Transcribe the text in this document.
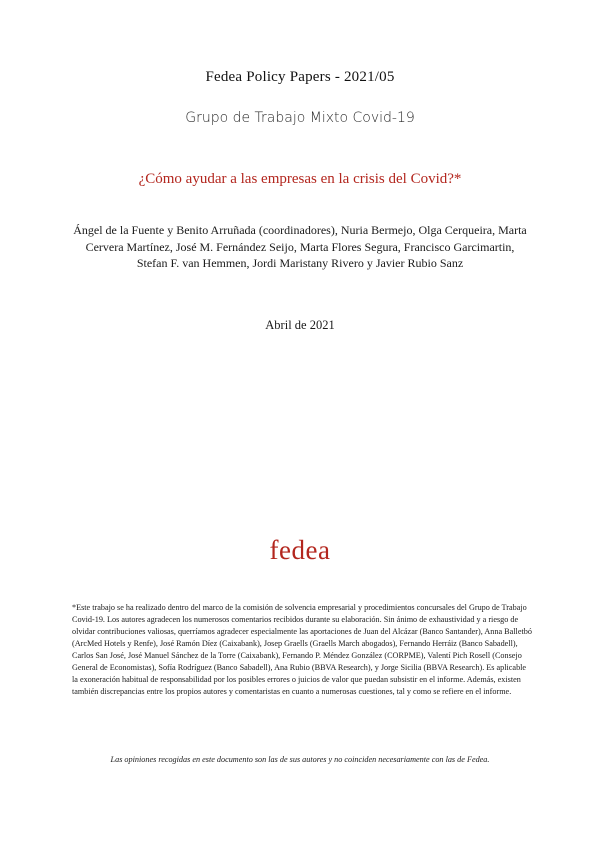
Fedea Policy Papers - 2021/05
Grupo de Trabajo Mixto Covid-19
¿Cómo ayudar a las empresas en la crisis del Covid?*
Ángel de la Fuente y Benito Arruñada (coordinadores), Nuria Bermejo, Olga Cerqueira, Marta Cervera Martínez, José M. Fernández Seijo, Marta Flores Segura, Francisco Garcimartin, Stefan F. van Hemmen, Jordi Maristany Rivero y Javier Rubio Sanz
Abril de 2021
fedea
*Este trabajo se ha realizado dentro del marco de la comisión de solvencia empresarial y procedimientos concursales del Grupo de Trabajo Covid-19. Los autores agradecen los numerosos comentarios recibidos durante su elaboración. Sin ánimo de exhaustividad y a riesgo de olvidar contribuciones valiosas, querríamos agradecer especialmente las aportaciones de Juan del Alcázar (Banco Santander), Anna Balletbó (ArcMed Hotels y Renfe), José Ramón Díez (Caixabank), Josep Graells (Graells March abogados), Fernando Herráiz (Banco Sabadell), Carlos San José, José Manuel Sánchez de la Torre (Caixabank), Fernando P. Méndez González (CORPME), Valentí Pich Rosell (Consejo General de Economistas), Sofía Rodríguez (Banco Sabadell), Ana Rubio (BBVA Research), y Jorge Sicilia (BBVA Research). Es aplicable la exoneración habitual de responsabilidad por los posibles errores o juicios de valor que puedan subsistir en el informe. Además, existen también discrepancias entre los propios autores y comentaristas en cuanto a numerosas cuestiones, tal y como se refiere en el informe.
Las opiniones recogidas en este documento son las de sus autores y no coinciden necesariamente con las de Fedea.
